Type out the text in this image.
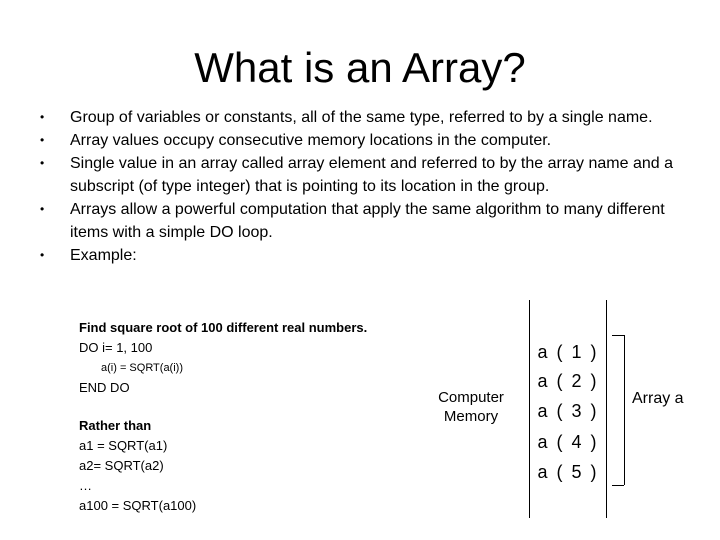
What is an Array?
•	Group of variables or constants, all of the same type, referred to by a single name.
•	Array values occupy consecutive memory locations in the computer.
•	Single value in an array called array element and referred to by the array name and a subscript (of type integer) that is pointing to its location in the group.
•	Arrays allow a powerful computation that apply the same algorithm to many different items with a simple DO loop.
•	Example:
Find square root of 100 different real numbers.
DO i= 1, 100
a(i) = SQRT(a(i))
END DO
Rather than
a1 = SQRT(a1)
a2= SQRT(a2)
…
a100 = SQRT(a100)
Computer
Memory
a ( 1 )
a ( 2 )
a ( 3 )
a ( 4 )
a ( 5 )
Array a
